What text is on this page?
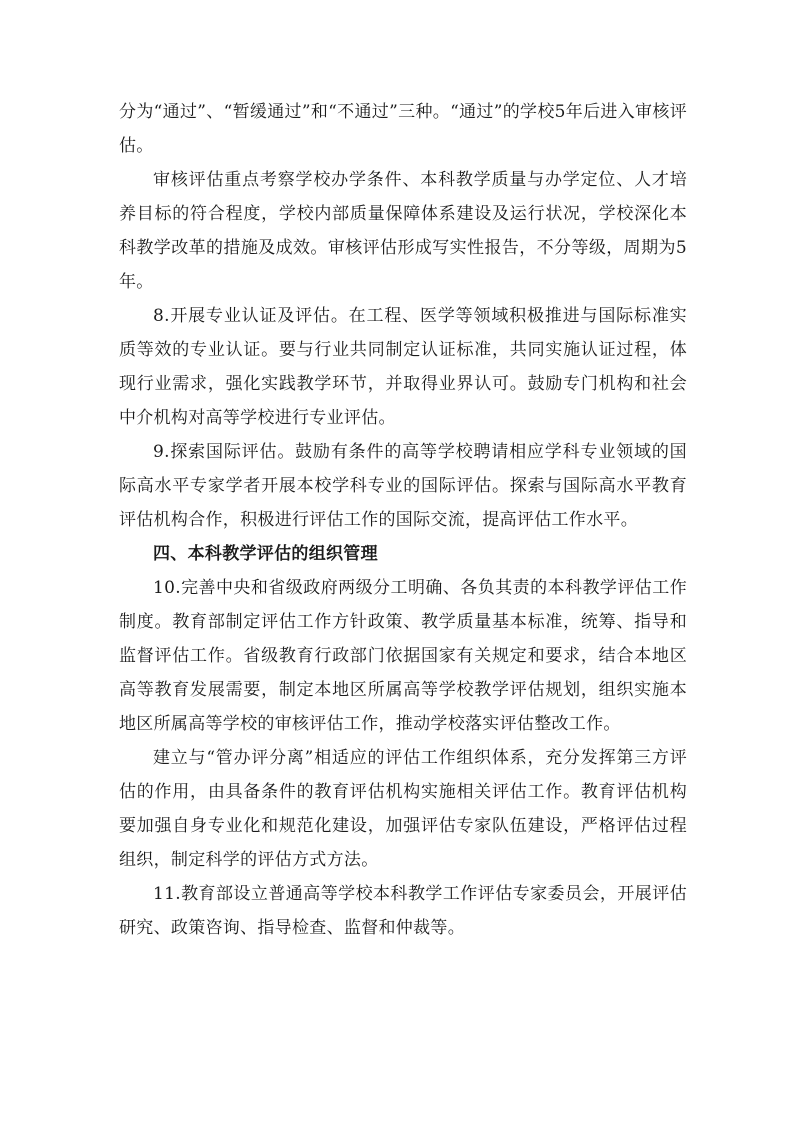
分为“通过”、“暂缓通过”和“不通过”三种。“通过”的学校5年后进入审核评估。

审核评估重点考察学校办学条件、本科教学质量与办学定位、人才培养目标的符合程度，学校内部质量保障体系建设及运行状况，学校深化本科教学改革的措施及成效。审核评估形成写实性报告，不分等级，周期为5年。

8.开展专业认证及评估。在工程、医学等领域积极推进与国际标准实质等效的专业认证。要与行业共同制定认证标准，共同实施认证过程，体现行业需求，强化实践教学环节，并取得业界认可。鼓励专门机构和社会中介机构对高等学校进行专业评估。

9.探索国际评估。鼓励有条件的高等学校聘请相应学科专业领域的国际高水平专家学者开展本校学科专业的国际评估。探索与国际高水平教育评估机构合作，积极进行评估工作的国际交流，提高评估工作水平。

四、本科教学评估的组织管理

10.完善中央和省级政府两级分工明确、各负其责的本科教学评估工作制度。教育部制定评估工作方针政策、教学质量基本标准，统筹、指导和监督评估工作。省级教育行政部门依据国家有关规定和要求，结合本地区高等教育发展需要，制定本地区所属高等学校教学评估规划，组织实施本地区所属高等学校的审核评估工作，推动学校落实评估整改工作。

建立与“管办评分离”相适应的评估工作组织体系，充分发挥第三方评估的作用，由具备条件的教育评估机构实施相关评估工作。教育评估机构要加强自身专业化和规范化建设，加强评估专家队伍建设，严格评估过程组织，制定科学的评估方式方法。

11.教育部设立普通高等学校本科教学工作评估专家委员会，开展评估研究、政策咨询、指导检查、监督和仲裁等。
